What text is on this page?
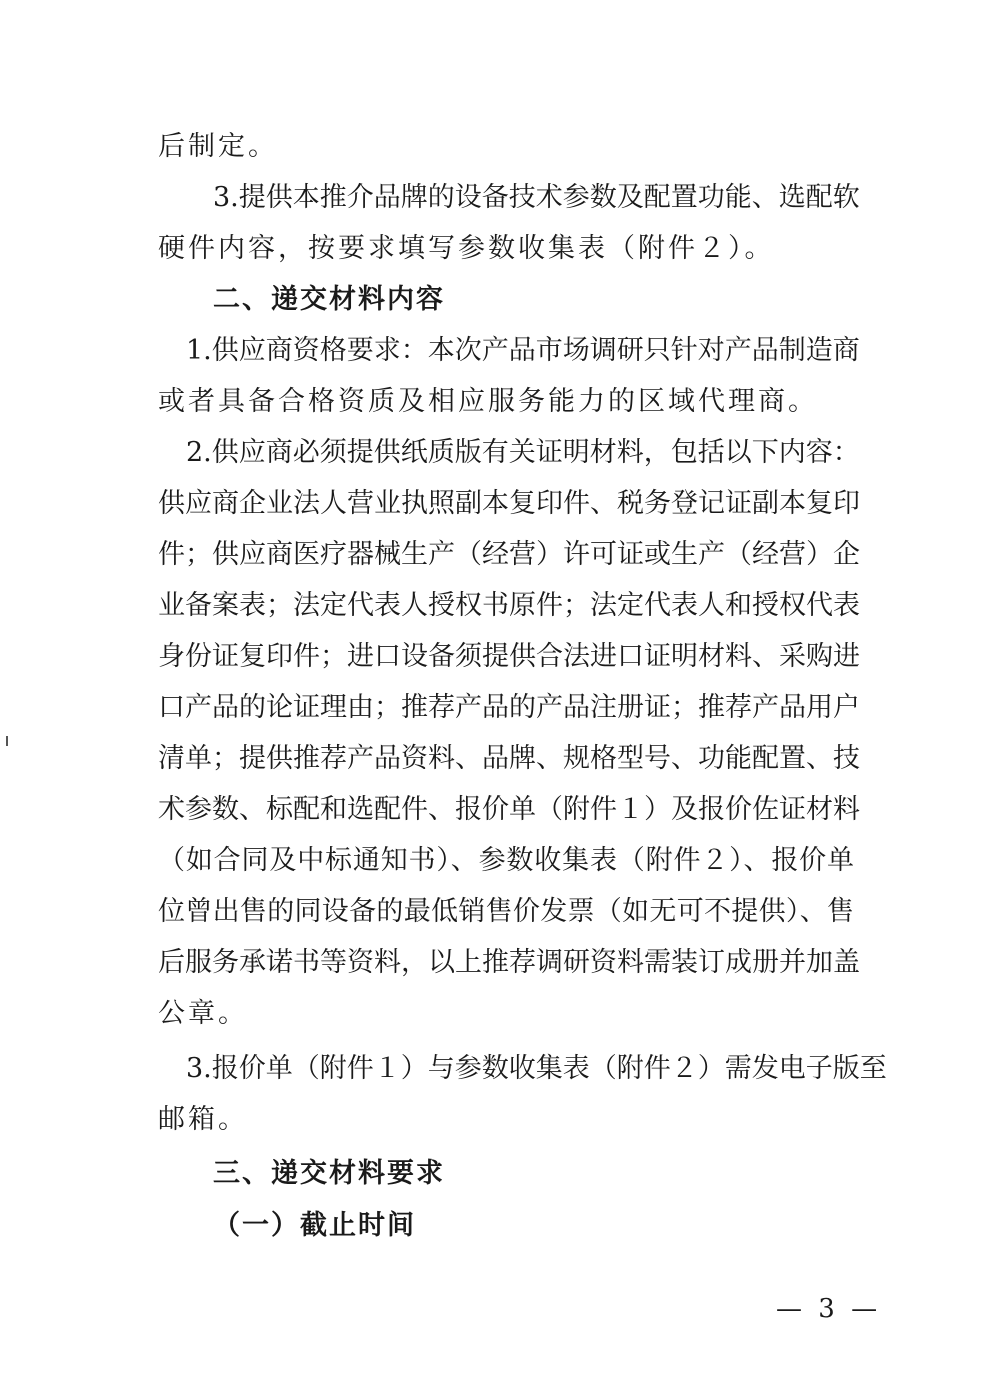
后制定。
3.提供本推介品牌的设备技术参数及配置功能、选配软
硬件内容，按要求填写参数收集表（附件２）。
二、递交材料内容
1.供应商资格要求：本次产品市场调研只针对产品制造商
或者具备合格资质及相应服务能力的区域代理商。
2.供应商必须提供纸质版有关证明材料，包括以下内容：
供应商企业法人营业执照副本复印件、税务登记证副本复印
件；供应商医疗器械生产（经营）许可证或生产（经营）企
业备案表；法定代表人授权书原件；法定代表人和授权代表
身份证复印件；进口设备须提供合法进口证明材料、采购进
口产品的论证理由；推荐产品的产品注册证；推荐产品用户
清单；提供推荐产品资料、品牌、规格型号、功能配置、技
术参数、标配和选配件、报价单（附件１）及报价佐证材料
（如合同及中标通知书）、参数收集表（附件２）、报价单
位曾出售的同设备的最低销售价发票（如无可不提供）、售
后服务承诺书等资料，以上推荐调研资料需装订成册并加盖
公章。
3.报价单（附件１）与参数收集表（附件２）需发电子版至
邮箱。
三、递交材料要求
（一）截止时间
— 3 —
